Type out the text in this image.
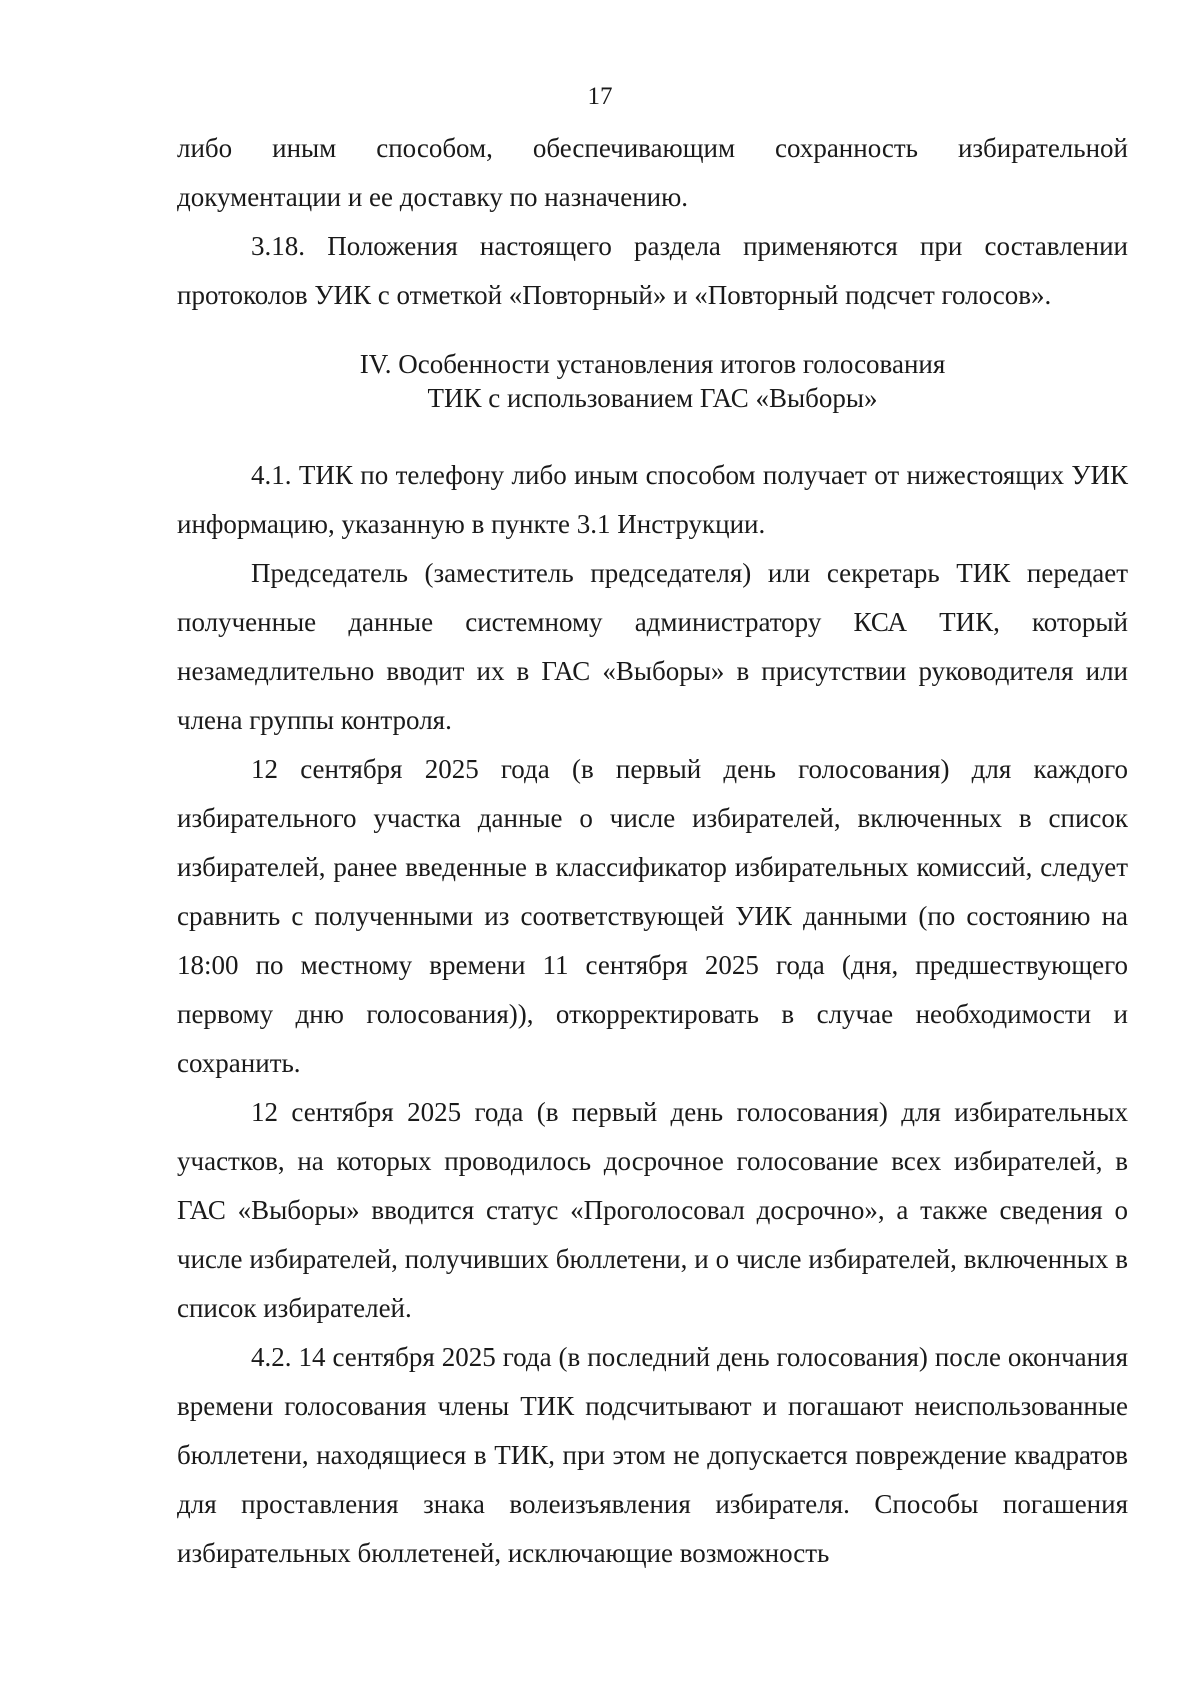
17

либо иным способом, обеспечивающим сохранность избирательной документации и ее доставку по назначению.

3.18. Положения настоящего раздела применяются при составлении протоколов УИК с отметкой «Повторный» и «Повторный подсчет голосов».

IV. Особенности установления итогов голосования
ТИК с использованием ГАС «Выборы»

4.1. ТИК по телефону либо иным способом получает от нижестоящих УИК информацию, указанную в пункте 3.1 Инструкции.

Председатель (заместитель председателя) или секретарь ТИК передает полученные данные системному администратору КСА ТИК, который незамедлительно вводит их в ГАС «Выборы» в присутствии руководителя или члена группы контроля.

12 сентября 2025 года (в первый день голосования) для каждого избирательного участка данные о числе избирателей, включенных в список избирателей, ранее введенные в классификатор избирательных комиссий, следует сравнить с полученными из соответствующей УИК данными (по состоянию на 18:00 по местному времени 11 сентября 2025 года (дня, предшествующего первому дню голосования)), откорректировать в случае необходимости и сохранить.

12 сентября 2025 года (в первый день голосования) для избирательных участков, на которых проводилось досрочное голосование всех избирателей, в ГАС «Выборы» вводится статус «Проголосовал досрочно», а также сведения о числе избирателей, получивших бюллетени, и о числе избирателей, включенных в список избирателей.

4.2. 14 сентября 2025 года (в последний день голосования) после окончания времени голосования члены ТИК подсчитывают и погашают неиспользованные бюллетени, находящиеся в ТИК, при этом не допускается повреждение квадратов для проставления знака волеизъявления избирателя. Способы погашения избирательных бюллетеней, исключающие возможность
